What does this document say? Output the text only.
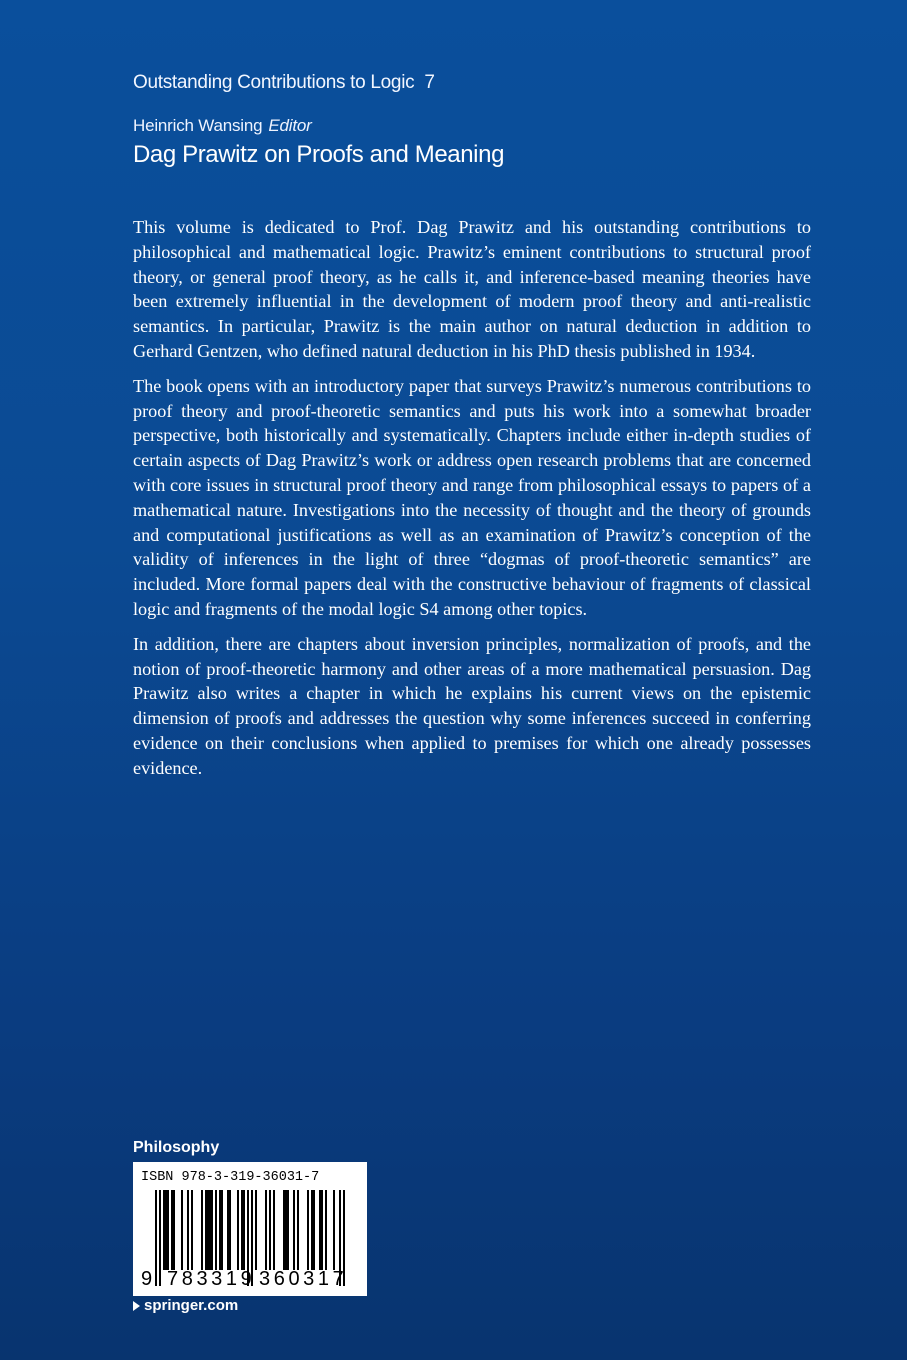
Outstanding Contributions to Logic 7
Heinrich Wansing Editor
Dag Prawitz on Proofs and Meaning

This volume is dedicated to Prof. Dag Prawitz and his outstanding contributions to philosophical and mathematical logic. Prawitz’s eminent contributions to structural proof theory, or general proof theory, as he calls it, and inference-based meaning theories have been extremely influential in the development of modern proof theory and anti-realistic semantics. In particular, Prawitz is the main author on natural deduction in addition to Gerhard Gentzen, who defined natural deduction in his PhD thesis published in 1934.

The book opens with an introductory paper that surveys Prawitz’s numerous contributions to proof theory and proof-theoretic semantics and puts his work into a somewhat broader perspective, both historically and systematically. Chapters include either in-depth studies of certain aspects of Dag Prawitz’s work or address open research problems that are concerned with core issues in structural proof theory and range from philosophical essays to papers of a mathematical nature. Investigations into the necessity of thought and the theory of grounds and computational justifications as well as an examination of Prawitz’s conception of the validity of inferences in the light of three “dogmas of proof-theoretic semantics” are included. More formal papers deal with the constructive behaviour of fragments of classical logic and fragments of the modal logic S4 among other topics.

In addition, there are chapters about inversion principles, normalization of proofs, and the notion of proof-theoretic harmony and other areas of a more mathematical persuasion. Dag Prawitz also writes a chapter in which he explains his current views on the epistemic dimension of proofs and addresses the question why some inferences succeed in conferring evidence on their conclusions when applied to premises for which one already possesses evidence.

Philosophy
ISBN 978-3-319-36031-7
9 783319 360317
springer.com
